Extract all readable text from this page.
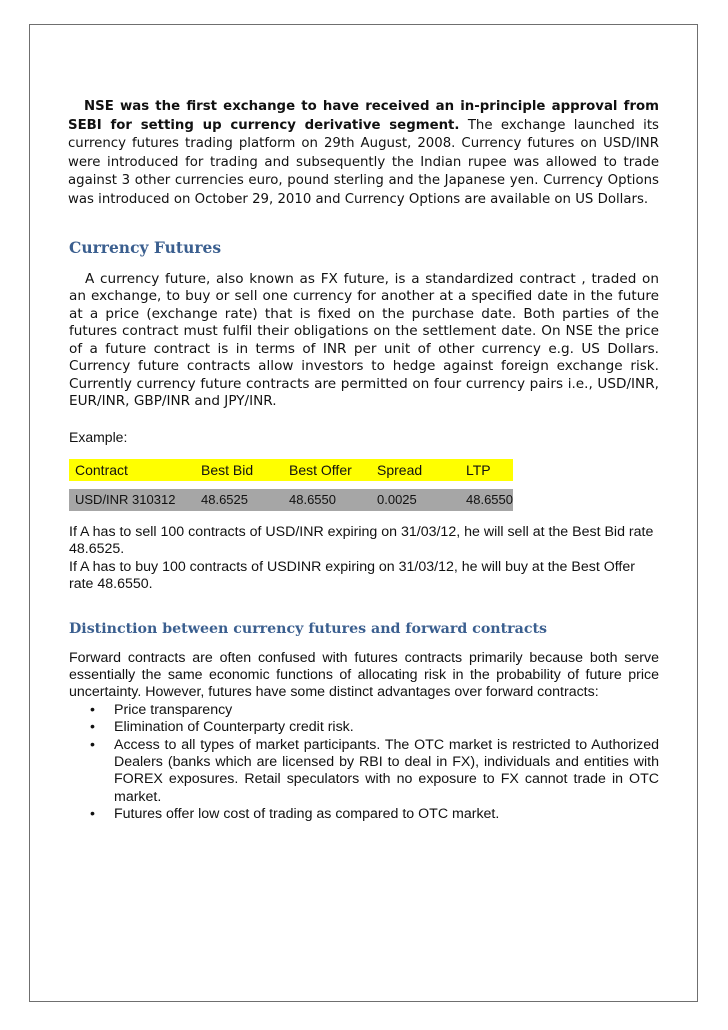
NSE was the first exchange to have received an in-principle approval from SEBI for setting up currency derivative segment. The exchange launched its currency futures trading platform on 29th August, 2008. Currency futures on USD/INR were introduced for trading and subsequently the Indian rupee was allowed to trade against 3 other currencies euro, pound sterling and the Japanese yen. Currency Options was introduced on October 29, 2010 and Currency Options are available on US Dollars.

Currency Futures

A currency future, also known as FX future, is a standardized contract , traded on an exchange, to buy or sell one currency for another at a specified date in the future at a price (exchange rate) that is fixed on the purchase date. Both parties of the futures contract must fulfil their obligations on the settlement date. On NSE the price of a future contract is in terms of INR per unit of other currency e.g. US Dollars. Currency future contracts allow investors to hedge against foreign exchange risk. Currently currency future contracts are permitted on four currency pairs i.e., USD/INR, EUR/INR, GBP/INR and JPY/INR.

Example:

Contract	Best Bid	Best Offer	Spread	LTP

USD/INR 310312	48.6525	48.6550	0.0025	48.6550

If A has to sell 100 contracts of USD/INR expiring on 31/03/12, he will sell at the Best Bid rate 48.6525.

If A has to buy 100 contracts of USDINR expiring on 31/03/12, he will buy at the Best Offer rate 48.6550.

Distinction between currency futures and forward contracts

Forward contracts are often confused with futures contracts primarily because both serve essentially the same economic functions of allocating risk in the probability of future price uncertainty. However, futures have some distinct advantages over forward contracts:

• Price transparency
• Elimination of Counterparty credit risk.
• Access to all types of market participants. The OTC market is restricted to Authorized Dealers (banks which are licensed by RBI to deal in FX), individuals and entities with FOREX exposures. Retail speculators with no exposure to FX cannot trade in OTC market.
• Futures offer low cost of trading as compared to OTC market.
